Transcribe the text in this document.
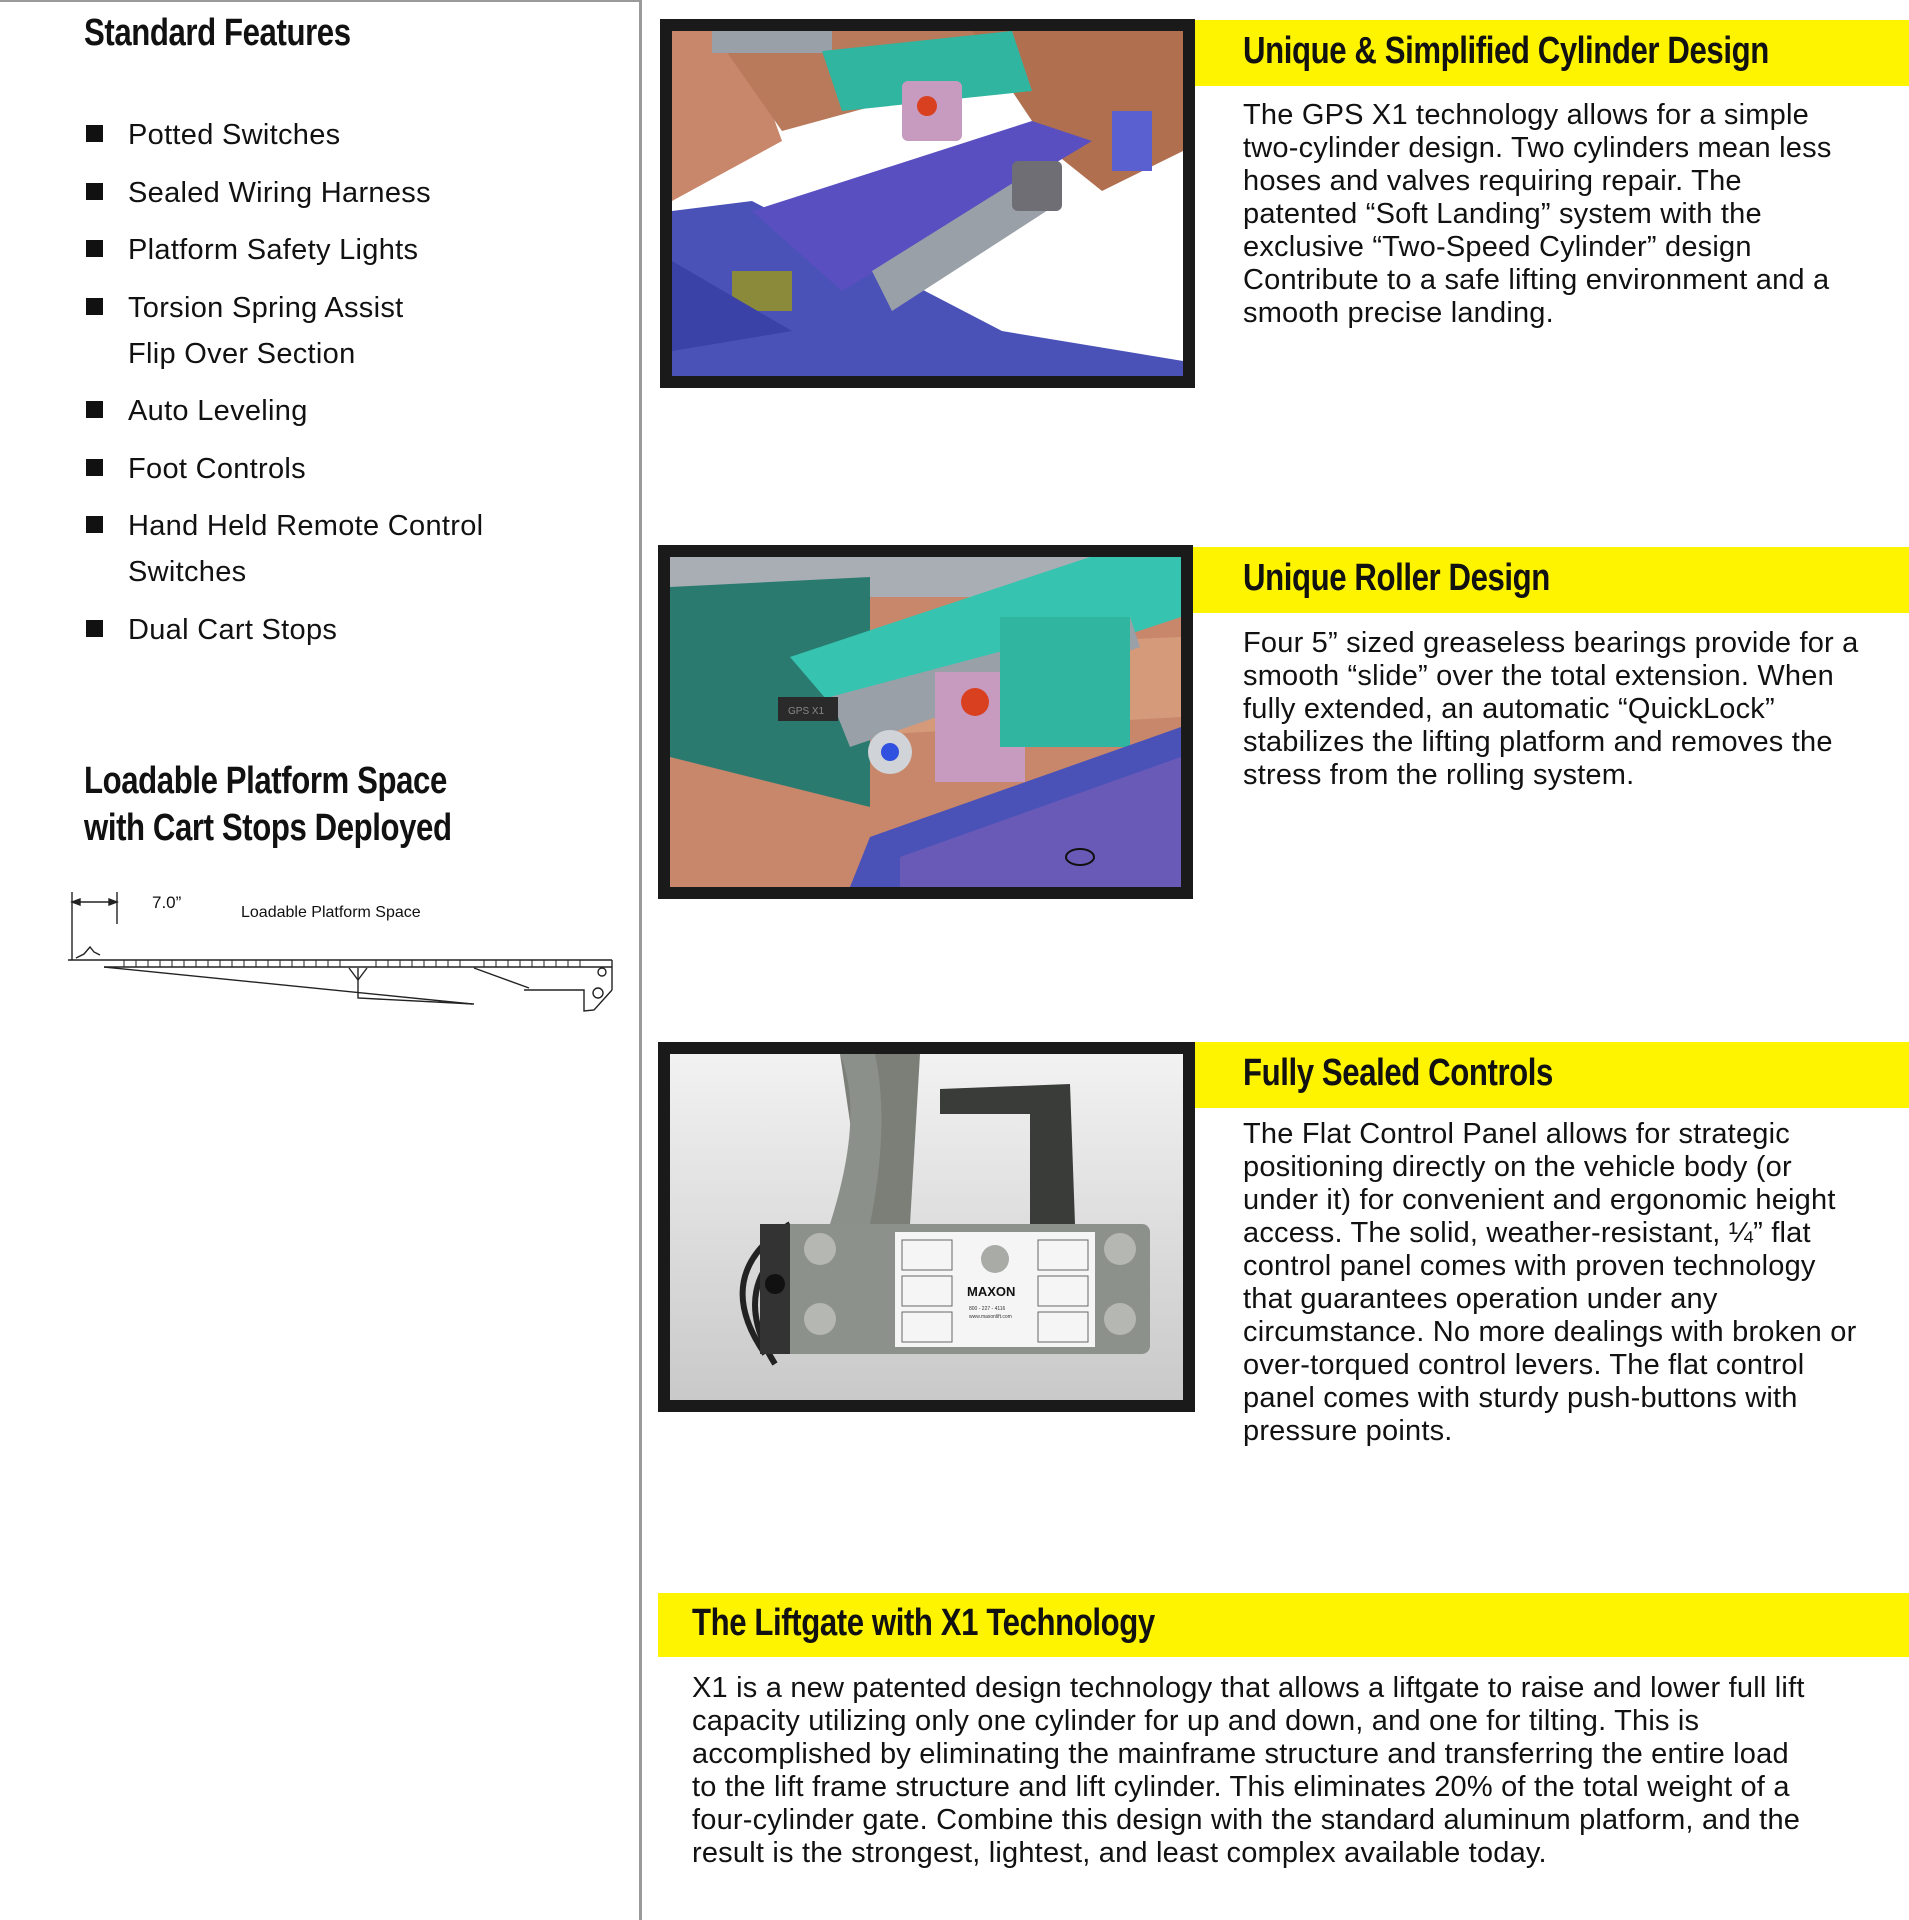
Standard Features
Potted Switches
Sealed Wiring Harness
Platform Safety Lights
Torsion Spring Assist
Flip Over Section
Auto Leveling
Foot Controls
Hand Held Remote Control
Switches
Dual Cart Stops
Loadable Platform Space
with Cart Stops Deployed
7.0”
Loadable Platform Space
Unique & Simplified Cylinder Design
The GPS X1 technology allows for a simple two-cylinder design. Two cylinders mean less hoses and valves requiring repair. The patented “Soft Landing” system with the exclusive “Two-Speed Cylinder” design Contribute to a safe lifting environment and a smooth precise landing.
GPS X1
Unique Roller Design
Four 5” sized greaseless bearings provide for a smooth “slide” over the total extension. When fully extended, an automatic “QuickLock” stabilizes the lifting platform and removes the stress from the rolling system.
MAXON
800 - 227 - 4116
www.maxonlift.com
Fully Sealed Controls
The Flat Control Panel allows for strategic positioning directly on the vehicle body (or under it) for convenient and ergonomic height access. The solid, weather-resistant, ¼” flat control panel comes with proven technology that guarantees operation under any circumstance. No more dealings with broken or over-torqued control levers. The flat control panel comes with sturdy push-buttons with pressure points.
The Liftgate with X1 Technology
X1 is a new patented design technology that allows a liftgate to raise and lower full lift capacity utilizing only one cylinder for up and down, and one for tilting. This is accomplished by eliminating the mainframe structure and transferring the entire load to the lift frame structure and lift cylinder. This eliminates 20% of the total weight of a four-cylinder gate. Combine this design with the standard aluminum platform, and the result is the strongest, lightest, and least complex available today.
